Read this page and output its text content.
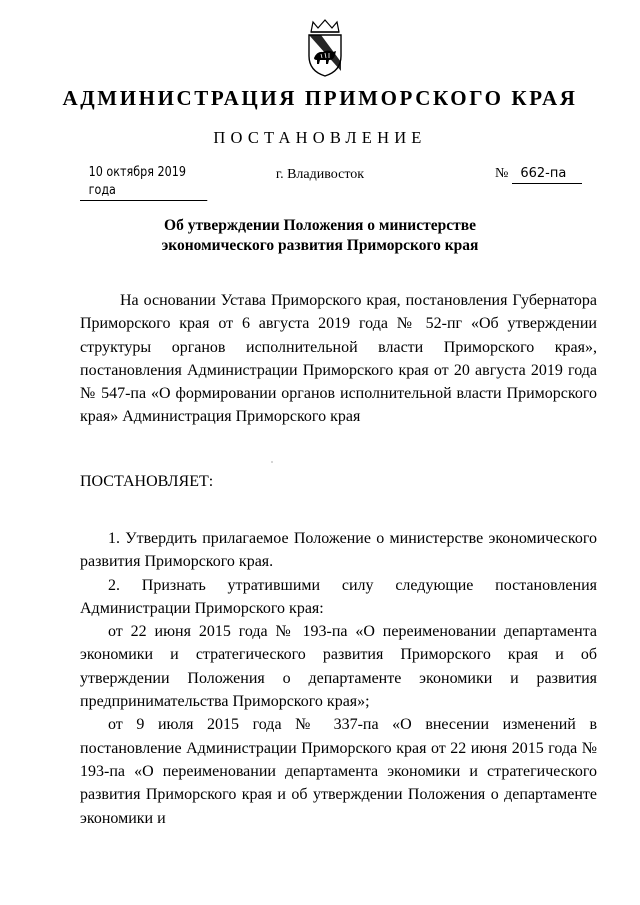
АДМИНИСТРАЦИЯ ПРИМОРСКОГО КРАЯ
ПОСТАНОВЛЕНИЕ
10 октября 2019 года
г. Владивосток	№ 662-па
Об утверждении Положения о министерстве
экономического развития Приморского края

На основании Устава Приморского края, постановления Губернатора Приморского края от 6 августа 2019 года № 52-пг «Об утверждении структуры органов исполнительной власти Приморского края», постановления Администрации Приморского края от 20 августа 2019 года № 547-па «О формировании органов исполнительной власти Приморского края» Администрация Приморского края

ПОСТАНОВЛЯЕТ:

1. Утвердить прилагаемое Положение о министерстве экономического развития Приморского края.

2. Признать утратившими силу следующие постановления Администрации Приморского края:

от 22 июня 2015 года № 193-па «О переименовании департамента экономики и стратегического развития Приморского края и об утверждении Положения о департаменте экономики и развития предпринимательства Приморского края»;

от 9 июля 2015 года № 337-па «О внесении изменений в постановление Администрации Приморского края от 22 июня 2015 года № 193-па «О переименовании департамента экономики и стратегического развития Приморского края и об утверждении Положения о департаменте экономики и
